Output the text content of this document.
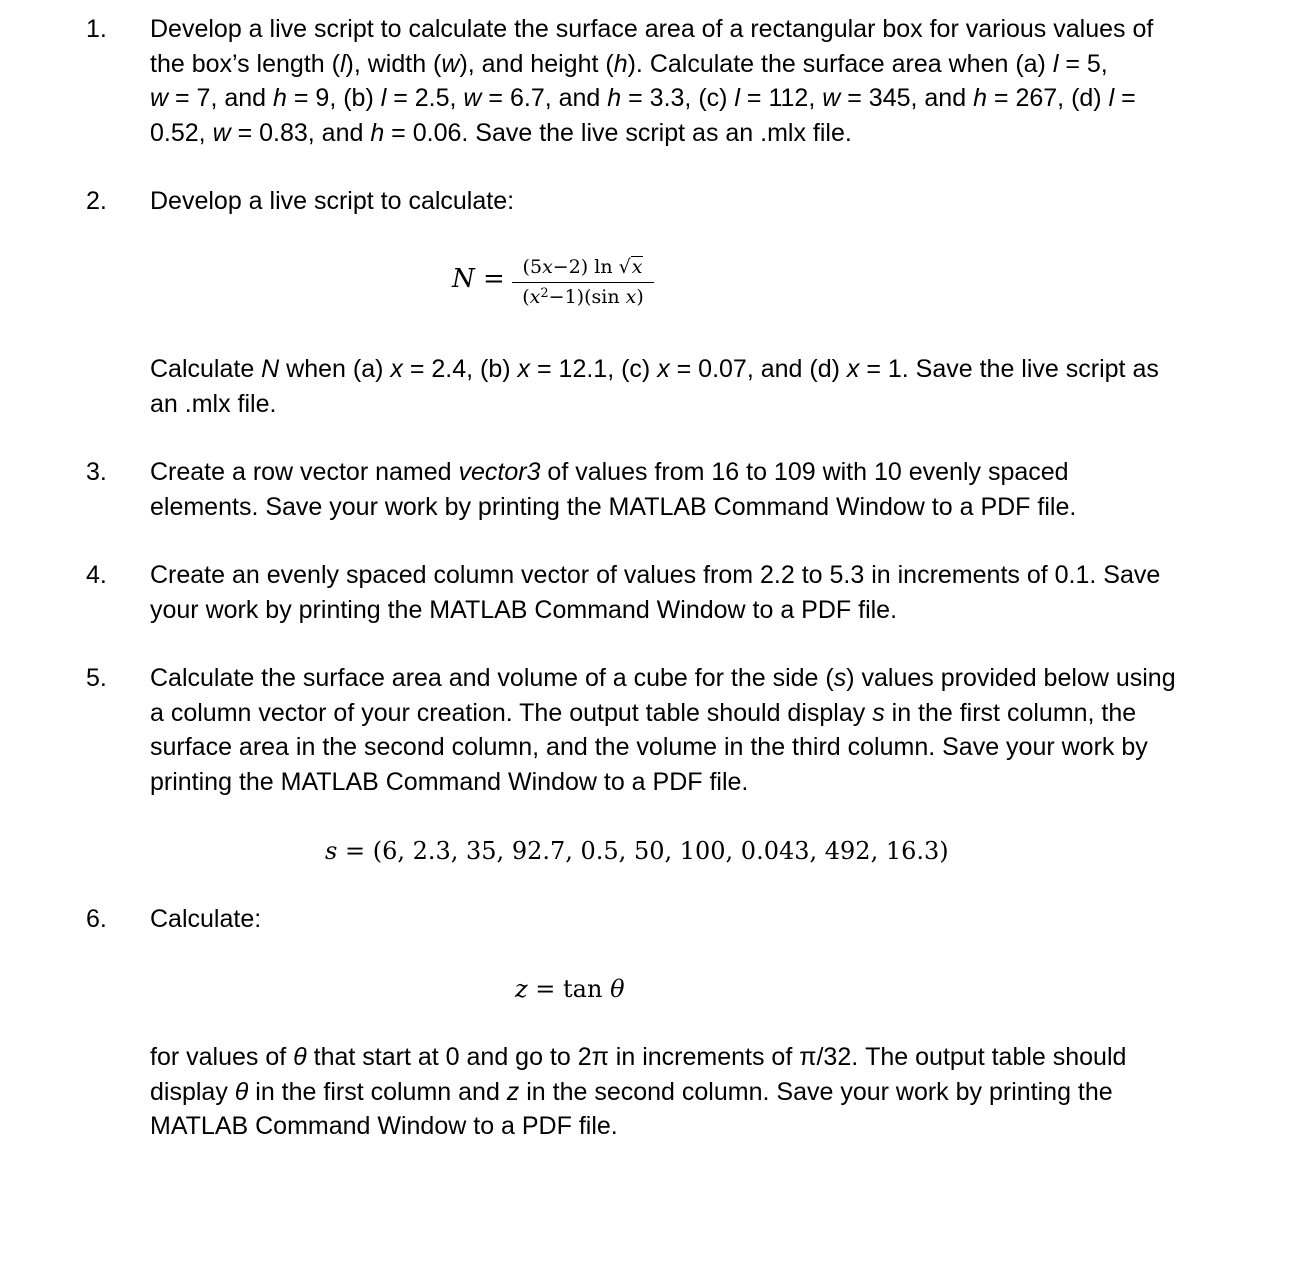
1.	Develop a live script to calculate the surface area of a rectangular box for various values of
the box’s length (l), width (w), and height (h). Calculate the surface area when (a) l = 5,
w = 7, and h = 9, (b) l = 2.5, w = 6.7, and h = 3.3, (c) l = 112, w = 345, and h = 267, (d) l =
0.52, w = 0.83, and h = 0.06. Save the live script as an .mlx file.
2.	Develop a live script to calculate:
N = (5x−2) ln √x
$(x^2-1)(\sin$ x)
Calculate N when (a) x = 2.4, (b) x = 12.1, (c) x = 0.07, and (d) x = 1. Save the live script as
an .mlx file.
3.	Create a row vector named vector3 of values from 16 to 109 with 10 evenly spaced
elements. Save your work by printing the MATLAB Command Window to a PDF file.
4.	Create an evenly spaced column vector of values from 2.2 to 5.3 in increments of 0.1. Save
your work by printing the MATLAB Command Window to a PDF file.
5.	Calculate the surface area and volume of a cube for the side (s) values provided below using
a column vector of your creation. The output table should display s in the first column, the
surface area in the second column, and the volume in the third column. Save your work by
printing the MATLAB Command Window to a PDF file.
s = (6, 2.3, 35, 92.7, 0.5, 50, 100, 0.043, 492, 16.3)
6.	Calculate:
z = tan θ
for values of θ that start at 0 and go to 2π in increments of π/32. The output table should
display θ in the first column and z in the second column. Save your work by printing the
MATLAB Command Window to a PDF file.
